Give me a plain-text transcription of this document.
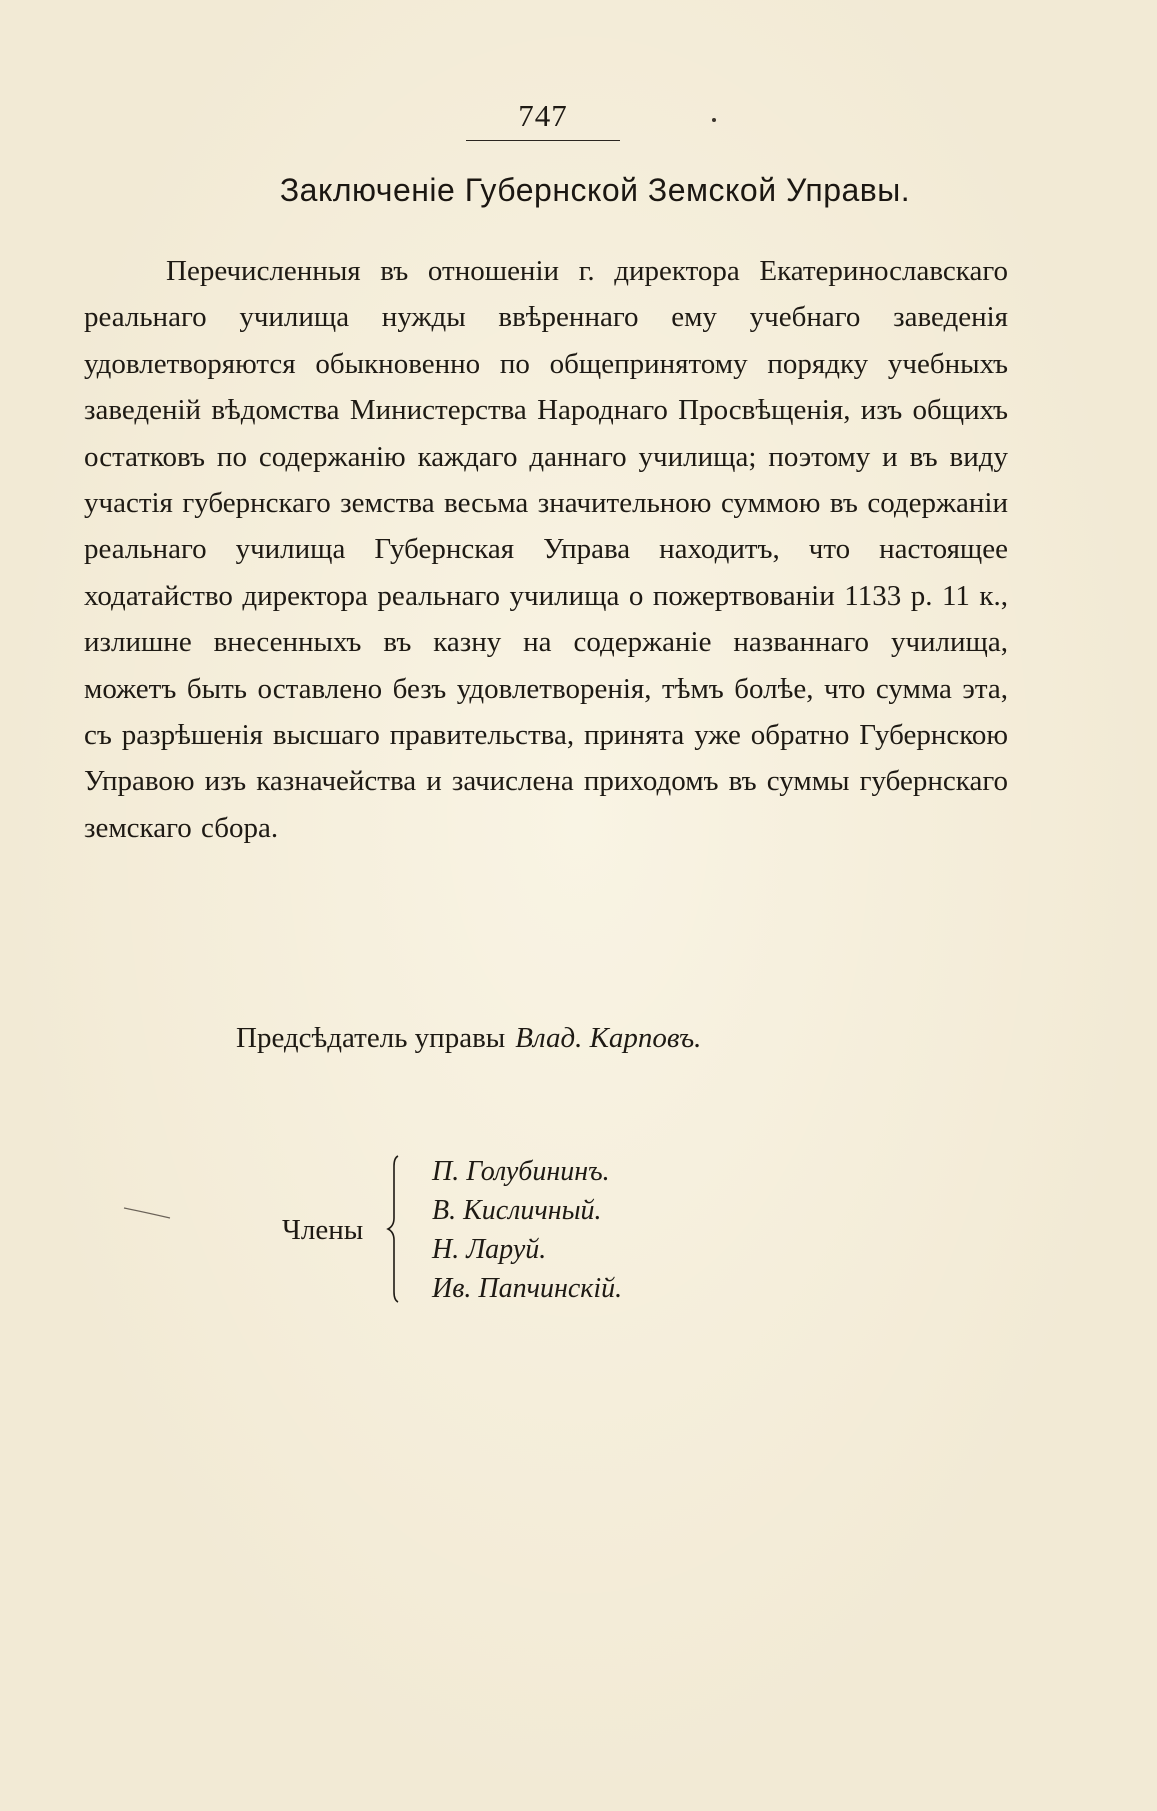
747
Заключеніе Губернской Земской Управы.

Перечисленныя въ отношеніи г. директора Екатеринославскаго реальнаго училища нужды ввѣреннаго ему учебнаго заведенія удовлетворяются обыкновенно по общепринятому порядку учебныхъ заведеній вѣдомства Министерства Народнаго Просвѣщенія, изъ общихъ остатковъ по содержанію каждаго даннаго училища; поэтому и въ виду участія губернскаго земства весьма значительною суммою въ содержаніи реальнаго училища Губернская Управа находитъ, что настоящее ходатайство директора реальнаго училища о пожертвованіи 1133 р. 11 к., излишне внесенныхъ въ казну на содержаніе названнаго училища, можетъ быть оставлено безъ удовлетворенія, тѣмъ болѣе, что сумма эта, съ разрѣшенія высшаго правительства, принята уже обратно Губернскою Управою изъ казначейства и зачислена приходомъ въ суммы губернскаго земскаго сбора.

Предсѣдатель управы Влад. Карповъ.
Члены
П. Голубининъ.
В. Кисличный.
Н. Ларуй.
Ив. Папчинскій.
